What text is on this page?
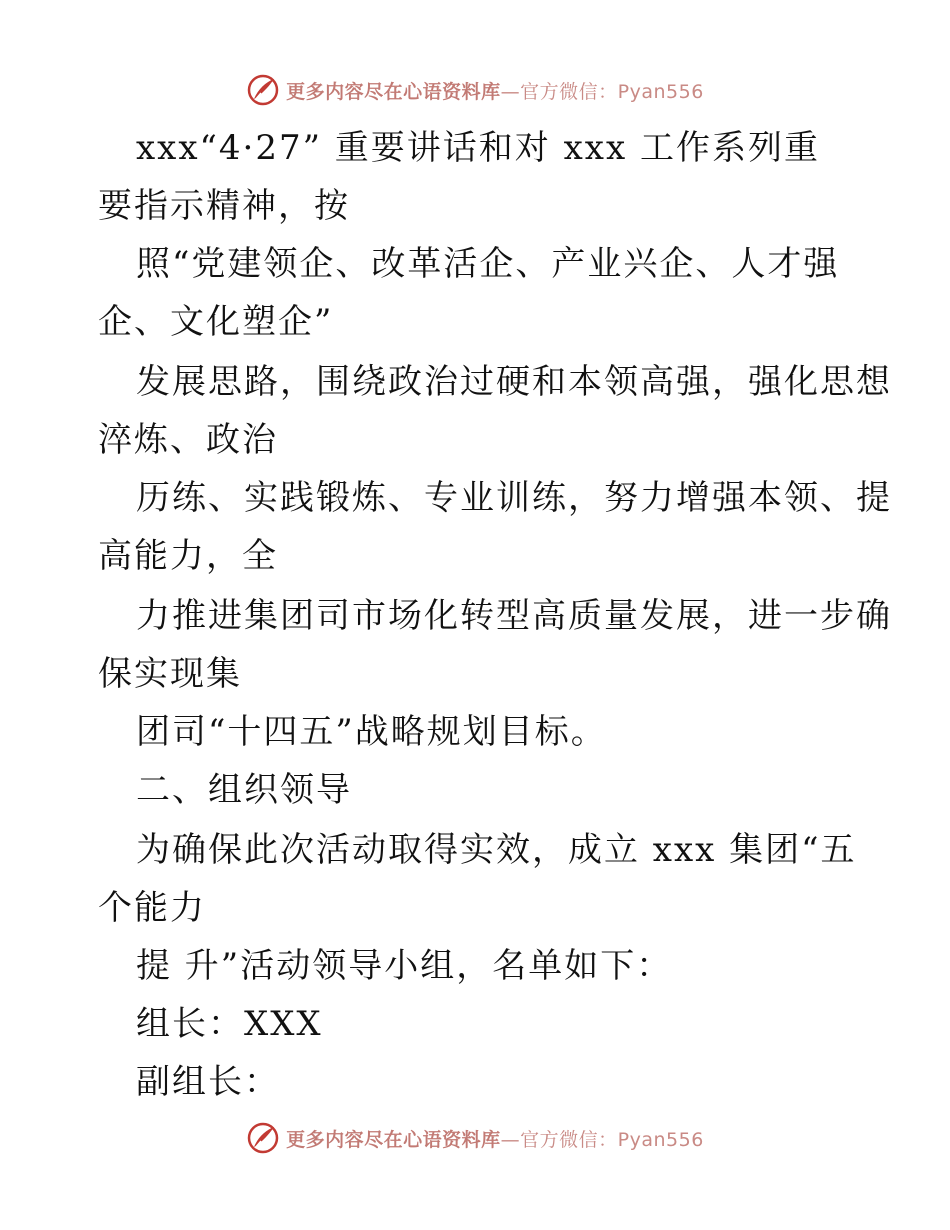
更多内容尽在心语资料库—官方微信：Pyan556
xxx“4·27” 重要讲话和对 xxx 工作系列重
要指示精神，按
照“党建领企、改革活企、产业兴企、人才强
企、文化塑企”
发展思路，围绕政治过硬和本领高强，强化思想
淬炼、政治
历练、实践锻炼、专业训练，努力增强本领、提
高能力，全
力推进集团司市场化转型高质量发展，进一步确
保实现集
团司“十四五”战略规划目标。
二、组织领导
为确保此次活动取得实效，成立 xxx 集团“五
个能力
提 升”活动领导小组，名单如下：
组长：XXX
副组长：
更多内容尽在心语资料库—官方微信：Pyan556
